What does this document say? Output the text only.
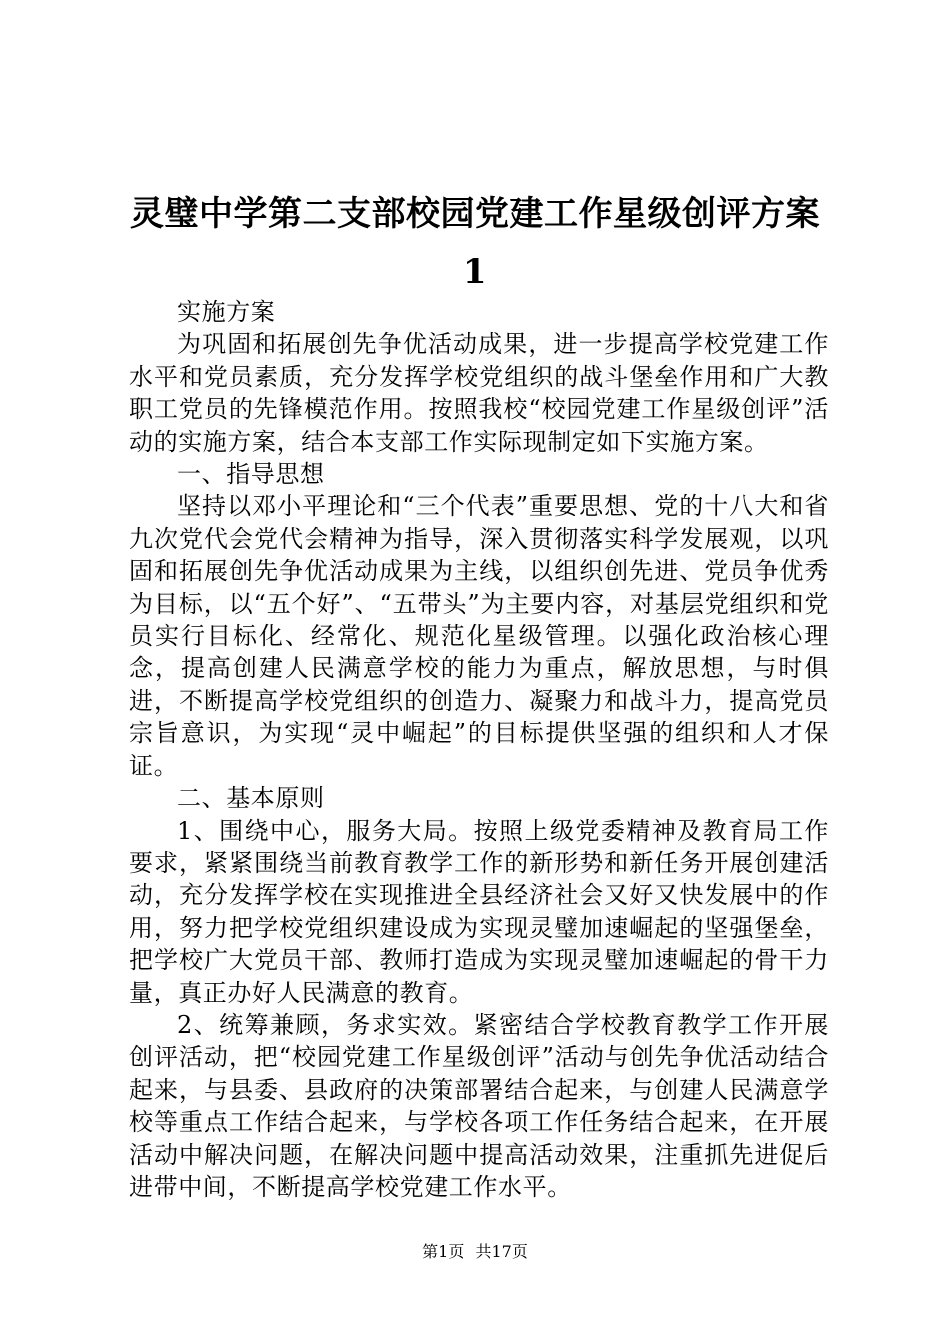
灵璧中学第二支部校园党建工作星级创评方案
1

实施方案

为巩固和拓展创先争优活动成果，进一步提高学校党建工作水平和党员素质，充分发挥学校党组织的战斗堡垒作用和广大教职工党员的先锋模范作用。按照我校“校园党建工作星级创评”活动的实施方案，结合本支部工作实际现制定如下实施方案。

一、指导思想

坚持以邓小平理论和“三个代表”重要思想、党的十八大和省九次党代会党代会精神为指导，深入贯彻落实科学发展观，以巩固和拓展创先争优活动成果为主线，以组织创先进、党员争优秀为目标，以“五个好”、“五带头”为主要内容，对基层党组织和党员实行目标化、经常化、规范化星级管理。以强化政治核心理念，提高创建人民满意学校的能力为重点，解放思想，与时俱进，不断提高学校党组织的创造力、凝聚力和战斗力，提高党员宗旨意识，为实现“灵中崛起”的目标提供坚强的组织和人才保证。

二、基本原则

1、围绕中心，服务大局。按照上级党委精神及教育局工作要求，紧紧围绕当前教育教学工作的新形势和新任务开展创建活动，充分发挥学校在实现推进全县经济社会又好又快发展中的作用，努力把学校党组织建设成为实现灵璧加速崛起的坚强堡垒，把学校广大党员干部、教师打造成为实现灵璧加速崛起的骨干力量，真正办好人民满意的教育。

2、统筹兼顾，务求实效。紧密结合学校教育教学工作开展创评活动，把“校园党建工作星级创评”活动与创先争优活动结合起来，与县委、县政府的决策部署结合起来，与创建人民满意学校等重点工作结合起来，与学校各项工作任务结合起来，在开展活动中解决问题，在解决问题中提高活动效果，注重抓先进促后进带中间，不断提高学校党建工作水平。

第1页 共17页
